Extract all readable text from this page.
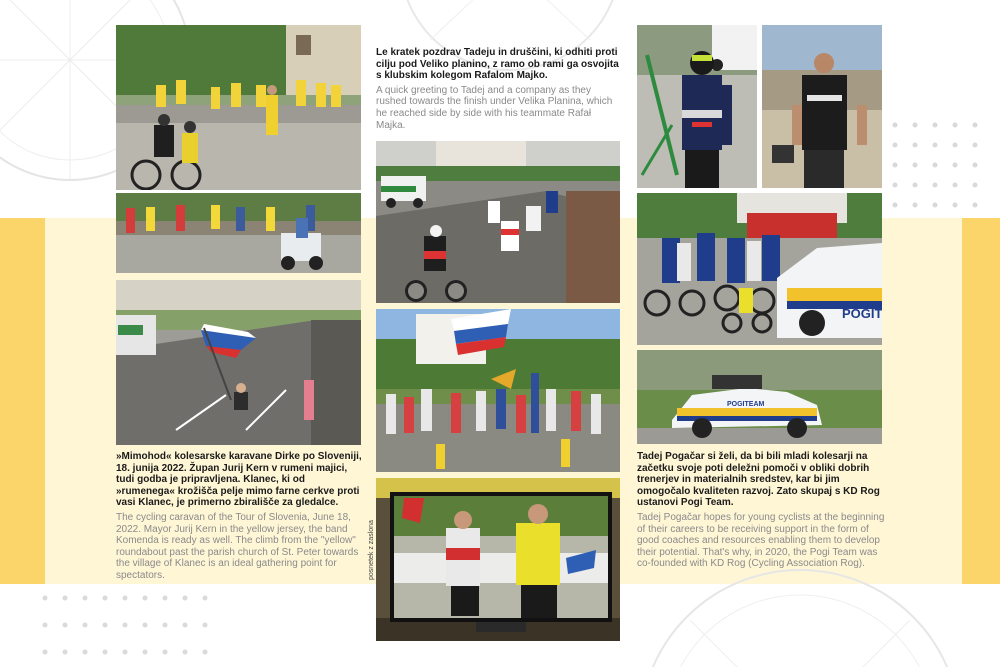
»Mimohod« kolesarske karavane Dirke po Sloveniji, 18. junija 2022. Župan Jurij Kern v rumeni majici, tudi godba je pripravljena. Klanec, ki od »rumenega« krožišča pelje mimo farne cerkve proti vasi Klanec, je primerno zbirališče za gledalce.

The cycling caravan of the Tour of Slovenia, June 18, 2022. Mayor Jurij Kern in the yellow jersey, the band Komenda is ready as well. The climb from the "yellow" roundabout past the parish church of St. Peter towards the village of Klanec is an ideal gathering point for spectators.

Le kratek pozdrav Tadeju in druščini, ki odhiti proti cilju pod Veliko planino, z ramo ob rami ga osvojita s klubskim kolegom Rafalom Majko.

A quick greeting to Tadej and a company as they rushed towards the finish under Velika Planina, which he reached side by side with his teammate Rafał Majka.

posnetek z zaslona
POGIT
POGITEAM

Tadej Pogačar si želi, da bi bili mladi kolesarji na začetku svoje poti deležni pomoči v obliki dobrih trenerjev in materialnih sredstev, kar bi jim omogočalo kvaliteten razvoj. Zato skupaj s KD Rog ustanovi Pogi Team.

Tadej Pogačar hopes for young cyclists at the beginning of their careers to be receiving support in the form of good coaches and resources enabling them to develop their potential. That's why, in 2020, the Pogi Team was co-founded with KD Rog (Cycling Association Rog).
